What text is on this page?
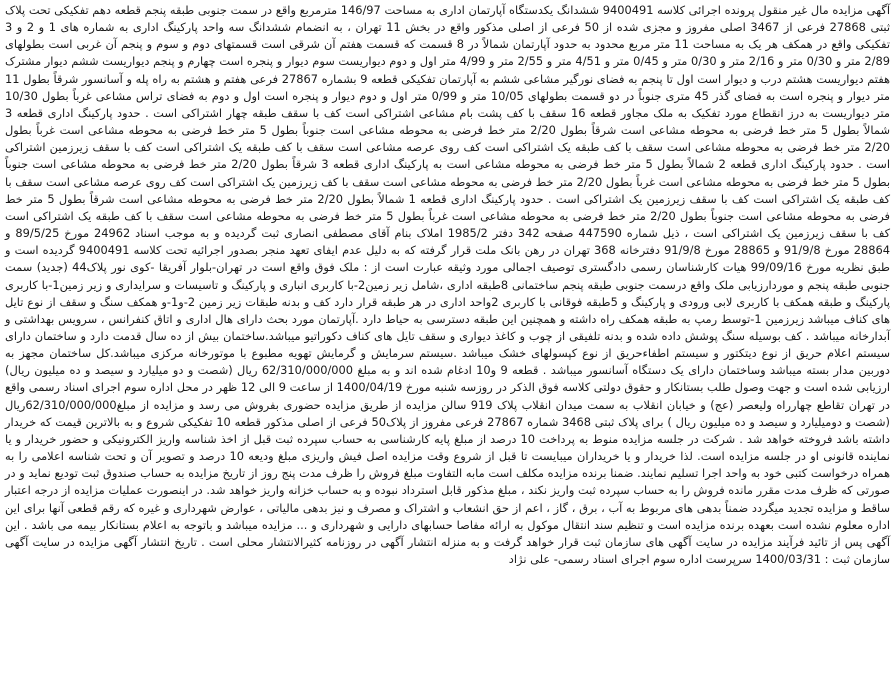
آگهی مزایده مال غیر منقول پرونده اجرائی کلاسه 9400491 ششدانگ یکدستگاه آپارتمان اداری به مساحت 146/97 مترمربع واقع در سمت جنوبی طبقه پنجم قطعه دهم تفکیکی تحت پلاک ثبتی 27868 فرعی از 3467 اصلی مفروز و مجزی شده از 50 فرعی از اصلی مذکور واقع در بخش 11 تهران ، به انضمام ششدانگ سه واحد پارکینگ اداری به شماره های 1 و 2 و 3 تفکیکی واقع در همکف هر یک به مساحت 11 متر مربع محدود به حدود آپارتمان شمالاً در 8 قسمت که قسمت هفتم آن شرقی است قسمتهای دوم و سوم و پنجم آن غربی است بطولهای 2/89 متر و 0/30 متر و 2/16 متر و 0/30 متر و 0/45 متر و 4/51 متر و 2/55 متر و 4/99 متر اول و دوم دیواریست سوم دیوار و پنجره است چهارم و پنجم دیواریست ششم دیوار مشترک هفتم دیواریست هشتم درب و دیوار است اول تا پنجم به فضای نورگیر مشاعی ششم به آپارتمان تفکیکی قطعه 9 بشماره 27867 فرعی هفتم و هشتم به راه پله و آسانسور شرقاً بطول 11 متر دیوار و پنجره است به فضای گذر 45 متری جنوباً در دو قسمت بطولهای 10/05 متر و 0/99 متر اول و دوم دیوار و پنجره است اول و دوم به فضای تراس مشاعی غرباً بطول 10/30 متر دیواریست به درز انقطاع مورد تفکیک به ملک مجاور قطعه 16 سقف با کف پشت بام مشاعی اشتراکی است کف با سقف طبقه چهار اشتراکی است . حدود پارکینگ اداری قطعه 3 شمالاً بطول 5 متر خط فرضی به محوطه مشاعی است شرقاً بطول 2/20 متر خط فرضی به محوطه مشاعی است جنوباً بطول 5 متر خط فرضی به محوطه مشاعی است غرباً بطول 2/20 متر خط فرضی به محوطه مشاعی است سقف با کف طبقه یک اشتراکی است کف روی عرصه مشاعی است سقف با کف طبقه یک اشتراکی است کف با سقف زیرزمین اشتراکی است . حدود پارکینگ اداری قطعه 2 شمالاً بطول 5 متر خط فرضی به محوطه مشاعی است به پارکینگ اداری قطعه 3 شرقاً بطول 2/20 متر خط فرضی به محوطه مشاعی است جنوباً بطول 5 متر خط فرضی به محوطه مشاعی است غرباً بطول 2/20 متر خط فرضی به محوطه مشاعی است سقف با کف زیرزمین یک اشتراکی است کف روی عرصه مشاعی است سقف با کف طبقه یک اشتراکی است کف با سقف زیرزمین یک اشتراکی است . حدود پارکینگ اداری قطعه 1 شمالاً بطول 2/20 متر خط فرضی به محوطه مشاعی است شرقاً بطول 5 متر خط فرضی به محوطه مشاعی است جنوباً بطول 2/20 متر خط فرضی به محوطه مشاعی است غرباً بطول 5 متر خط فرضی به محوطه مشاعی است سقف با کف طبقه یک اشتراکی است کف با سقف زیرزمین یک اشتراکی است ، ذیل شماره 447590 صفحه 342 دفتر 1985/2 املاک بنام آقای مصطفی انصاری ثبت گردیده و به موجب اسناد 24962 مورخ 89/5/25 و 28864 مورخ 91/9/8 و 28865 مورخ 91/9/8 دفترخانه 368 تهران در رهن بانک ملت قرار گرفته که به دلیل عدم ایفای تعهد منجر بصدور اجرائیه تحت کلاسه 9400491 گردیده است و طبق نظریه مورخ 99/09/16 هیات کارشناسان رسمی دادگستری توصیف اجمالی مورد وثیقه عبارت است از : ملک فوق واقع است در تهران-بلوار آفریقا -کوی نور پلاک44 (جدید) سمت جنوبی طبقه پنجم و موردارزیابی ملک واقع درسمت جنوبی طبقه پنجم ساختمانی 8طبقه اداری ،شامل زیر زمین2-با کاربری انباری و پارکینگ و تاسیسات و سرایداری و زیر زمین1-با کاربری پارکینگ و طبقه همکف با کاربری لابی ورودی و پارکینگ و 5طبقه فوقانی با کاربری 2واحد اداری در هر طبقه قرار دارد کف و بدنه طبقات زیر زمین 2-و1-و همکف سنگ و سقف از نوع تایل های کناف میباشد زیرزمین 1-توسط رمپ به طبقه همکف راه داشته و همچنین این طبقه دسترسی به حیاط دارد .آپارتمان مورد بحث دارای هال اداری و اتاق کنفرانس ، سرویس بهداشتی و آبدارخانه میباشد . کف بوسیله سنگ پوشش داده شده و بدنه تلفیقی از چوب و کاغذ دیواری و سقف تایل های کناف دکوراتیو میباشد.ساختمان بیش از ده سال قدمت دارد و ساختمان دارای سیستم اعلام حریق از نوع دیتکتور و سیستم اطفاءحریق از نوع کپسولهای خشک میباشد .سیستم سرمایش و گرمایش تهویه مطبوع با موتورخانه مرکزی میباشد.کل ساختمان مجهز به دوربین مدار بسته میباشد وساختمان دارای یک دستگاه آسانسور میباشد . قطعه 9 و10 ادغام شده اند و به مبلغ 62/310/000/000 ریال (شصت و دو میلیارد و سیصد و ده میلیون ریال) ارزیابی شده است و جهت وصول طلب بستانکار و حقوق دولتی کلاسه فوق الذکر در روزسه شنبه مورخ 1400/04/19 از ساعت 9 الی 12 ظهر در محل اداره سوم اجرای اسناد رسمی واقع در تهران تقاطع چهارراه ولیعصر (عج) و خیابان انقلاب به سمت میدان انقلاب پلاک 919 سالن مزایده از طریق مزایده حضوری بفروش می رسد و مزایده از مبلغ62/310/000/000ریال (شصت و دومیلیارد و سیصد و ده میلیون ریال ) برای پلاک ثبتی 3468 شماره 27867 فرعی مفروز از پلاک50 فرعی از اصلی مذکور قطعه 10 تفکیکی شروع و به بالاترین قیمت که خریدار داشته باشد فروخته خواهد شد . شرکت در جلسه مزایده منوط به پرداخت 10 درصد از مبلغ پایه کارشناسی به حساب سپرده ثبت قبل از اخذ شناسه واریز الکترونیکی و حضور خریدار و یا نماینده قانونی او در جلسه مزایده است. لذا خریدار و یا خریداران میبایست تا قبل از شروع وقت مزایده اصل فیش واریزی مبلغ ودیعه 10 درصد و تصویر آن و تحت شناسه اعلامی را به همراه درخواست کتبی خود به واحد اجرا تسلیم نمایند. ضمنا برنده مزایده مکلف است مابه التفاوت مبلغ فروش را ظرف مدت پنج روز از تاریخ مزایده به حساب صندوق ثبت تودیع نماید و در صورتی که ظرف مدت مقرر مانده فروش را به حساب سپرده ثبت واریز نکند ، مبلغ مذکور قابل استرداد نبوده و به حساب خزانه واریز خواهد شد. در اینصورت عملیات مزایده از درجه اعتبار ساقط و مزایده تجدید میگردد ضمناً بدهی های مربوط به آب ، برق ، گاز ، اعم از حق انشعاب و اشتراک و مصرف و نیز بدهی مالیاتی ، عوارض شهرداری و غیره که رقم قطعی آنها برای این اداره معلوم نشده است بعهده برنده مزایده است و تنظیم سند انتقال موکول به ارائه مفاصا حسابهای دارایی و شهرداری و ... مزایده میباشد و باتوجه به اعلام بستانکار بیمه می باشد . این آگهی پس از تائید فرآیند مزایده در سایت آگهی های سازمان ثبت قرار خواهد گرفت و به منزله انتشار آگهی در روزنامه کثیرالانتشار محلی است . تاریخ انتشار آگهی مزایده در سایت آگهی سازمان ثبت : 1400/03/31 سرپرست اداره سوم اجرای اسناد رسمی- علی نژاد
